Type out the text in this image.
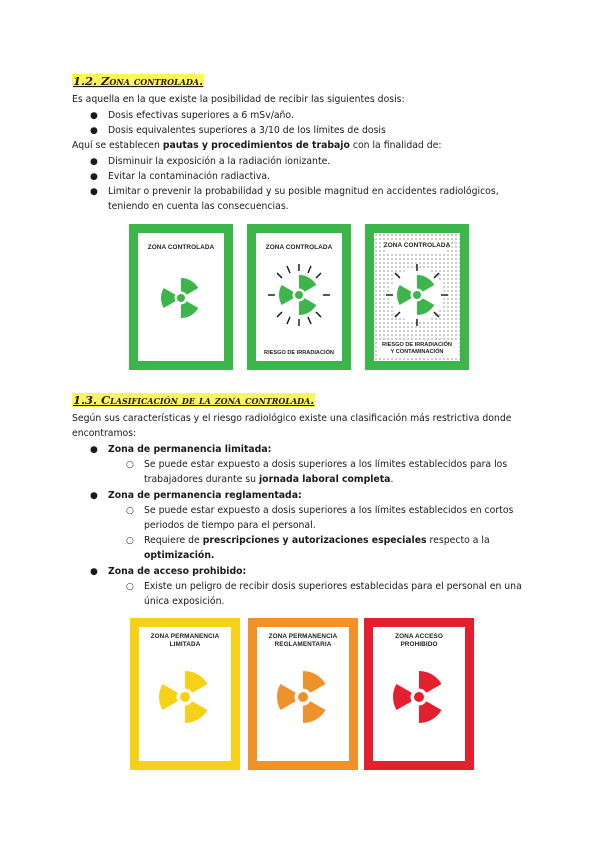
1.2. Zona controlada.
Es aquella en la que existe la posibilidad de recibir las siguientes dosis:
● Dosis efectivas superiores a 6 mSv/año.
● Dosis equivalentes superiores a 3/10 de los límites de dosis
Aquí se establecen pautas y procedimientos de trabajo con la finalidad de:
● Disminuir la exposición a la radiación ionizante.
● Evitar la contaminación radiactiva.
● Limitar o prevenir la probabilidad y su posible magnitud en accidentes radiológicos,
teniendo en cuenta las consecuencias.
ZONA CONTROLADA	ZONA CONTROLADA
RIESGO DE IRRADIACIÓN
ZONA CONTROLADA
RIESGO DE IRRADIACIÓN
Y CONTAMINACIÓN
1.3. Clasificación de la zona controlada.
Según sus características y el riesgo radiológico existe una clasificación más restrictiva donde
encontramos:
● Zona de permanencia limitada:
○ Se puede estar expuesto a dosis superiores a los límites establecidos para los
trabajadores durante su jornada laboral completa.
● Zona de permanencia reglamentada:
○ Se puede estar expuesto a dosis superiores a los límites establecidos en cortos
periodos de tiempo para el personal.
○ Requiere de prescripciones y autorizaciones especiales respecto a la
optimización.
● Zona de acceso prohibido:
○ Existe un peligro de recibir dosis superiores establecidas para el personal en una
única exposición.
ZONA PERMANENCIA
LIMITADA
ZONA PERMANENCIA
REGLAMENTARIA
ZONA ACCESO
PROHIBIDO
